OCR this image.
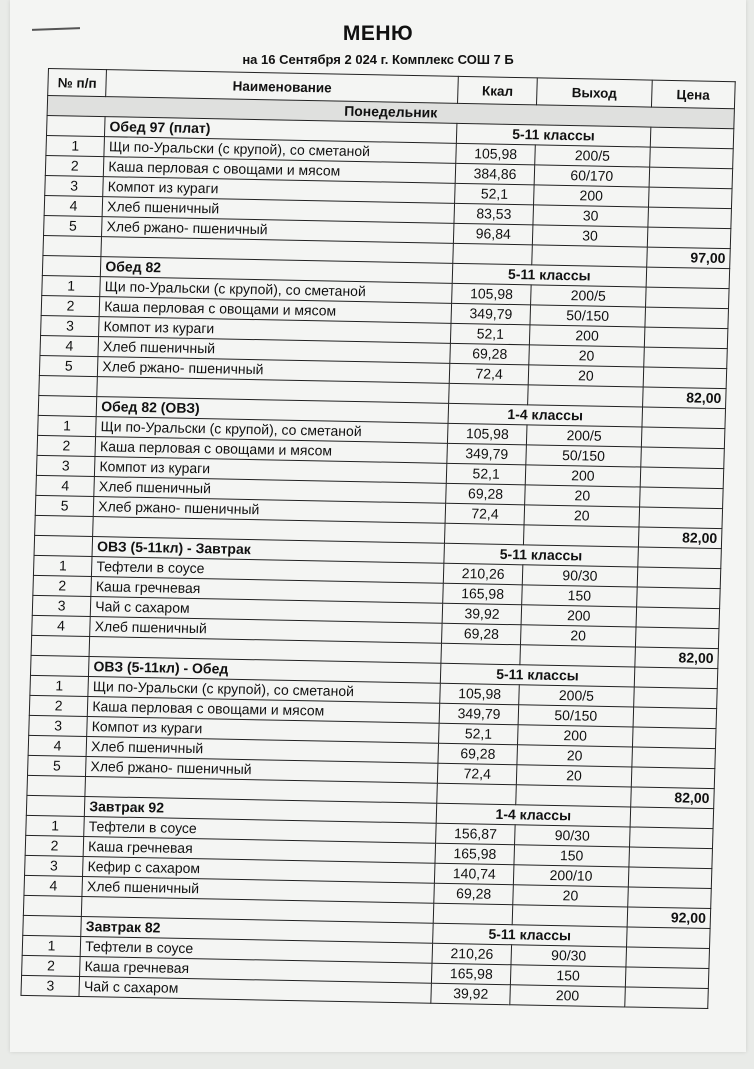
МЕНЮ
на 16 Сентября 2 024 г. Комплекс СОШ 7 Б
№ п/п	Наименование	Ккал	Выход	Цена
Понедельник				
	Обед 97 (плат)	5-11 классы		
1	Щи по-Уральски (с крупой), со сметаной	105,98	200/5	
2	Каша перловая с овощами и мясом	384,86	60/170	
3	Компот из кураги	52,1	200	
4	Хлеб пшеничный	83,53	30	
5	Хлеб ржано- пшеничный	96,84	30	
				97,00
	Обед 82	5-11 классы		
1	Щи по-Уральски (с крупой), со сметаной	105,98	200/5	
2	Каша перловая с овощами и мясом	349,79	50/150	
3	Компот из кураги	52,1	200	
4	Хлеб пшеничный	69,28	20	
5	Хлеб ржано- пшеничный	72,4	20	
				82,00
	Обед 82 (ОВЗ)	1-4 классы		
1	Щи по-Уральски (с крупой), со сметаной	105,98	200/5	
2	Каша перловая с овощами и мясом	349,79	50/150	
3	Компот из кураги	52,1	200	
4	Хлеб пшеничный	69,28	20	
5	Хлеб ржано- пшеничный	72,4	20	
				82,00
	ОВЗ (5-11кл) - Завтрак	5-11 классы		
1	Тефтели в соусе	210,26	90/30	
2	Каша гречневая	165,98	150	
3	Чай с сахаром	39,92	200	
4	Хлеб пшеничный	69,28	20	
				82,00
	ОВЗ (5-11кл) - Обед	5-11 классы		
1	Щи по-Уральски (с крупой), со сметаной	105,98	200/5	
2	Каша перловая с овощами и мясом	349,79	50/150	
3	Компот из кураги	52,1	200	
4	Хлеб пшеничный	69,28	20	
5	Хлеб ржано- пшеничный	72,4	20	
				82,00
	Завтрак 92	1-4 классы		
1	Тефтели в соусе	156,87	90/30	
2	Каша гречневая	165,98	150	
3	Кефир с сахаром	140,74	200/10	
4	Хлеб пшеничный	69,28	20	
				92,00
	Завтрак 82	5-11 классы		
1	Тефтели в соусе	210,26	90/30	
2	Каша гречневая	165,98	150	
3	Чай с сахаром	39,92	200	
